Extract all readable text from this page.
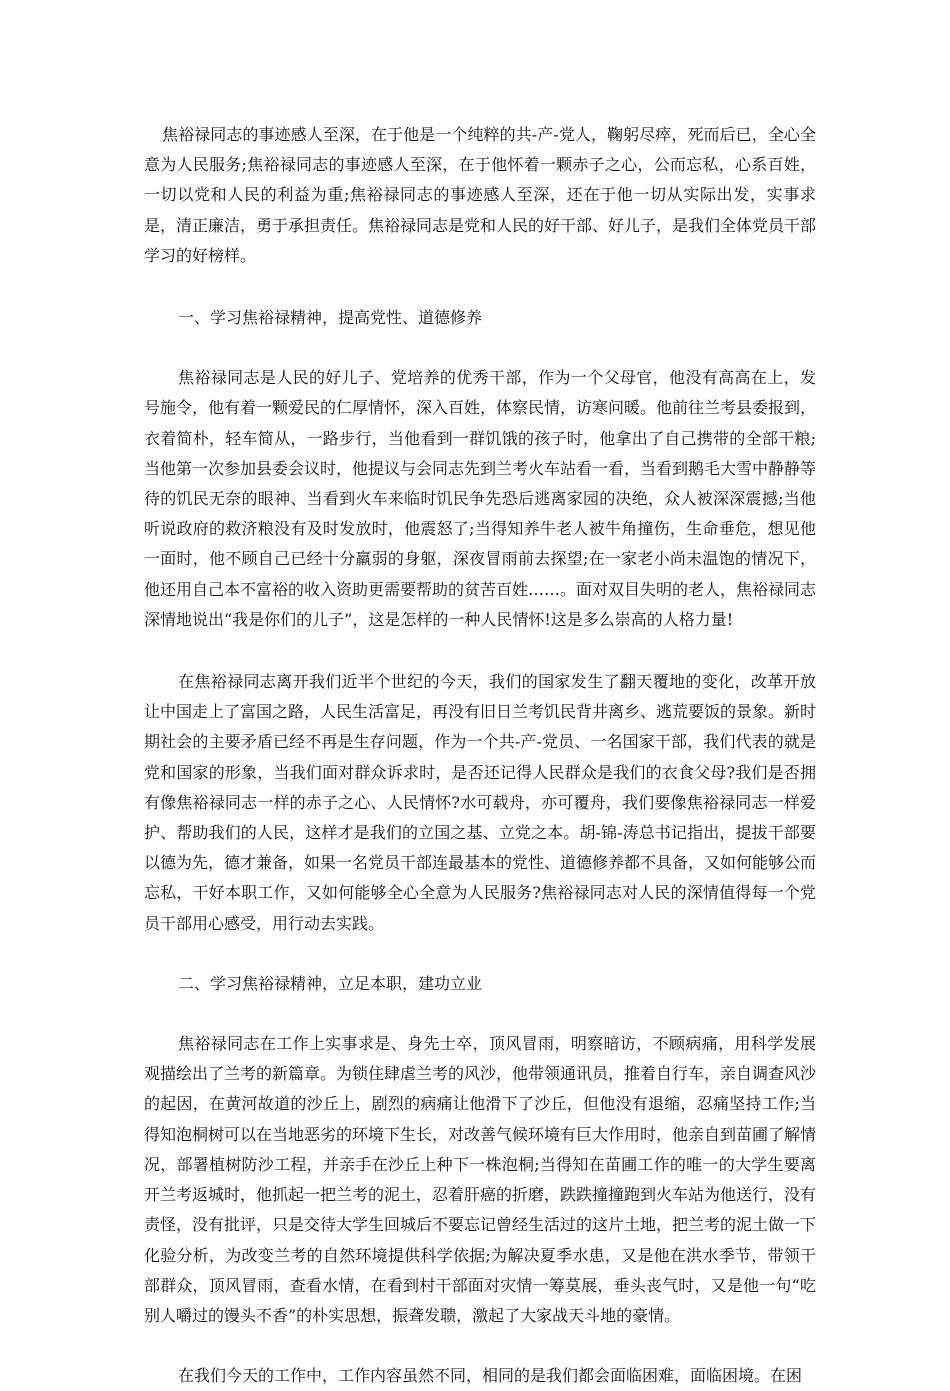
焦裕禄同志的事迹感人至深，在于他是一个纯粹的共-产-党人，鞠躬尽瘁，死而后已，全心全意为人民服务;焦裕禄同志的事迹感人至深，在于他怀着一颗赤子之心，公而忘私，心系百姓，一切以党和人民的利益为重;焦裕禄同志的事迹感人至深，还在于他一切从实际出发，实事求是，清正廉洁，勇于承担责任。焦裕禄同志是党和人民的好干部、好儿子，是我们全体党员干部学习的好榜样。

一、学习焦裕禄精神，提高党性、道德修养

焦裕禄同志是人民的好儿子、党培养的优秀干部，作为一个父母官，他没有高高在上，发号施令，他有着一颗爱民的仁厚情怀，深入百姓，体察民情，访寒问暖。他前往兰考县委报到，衣着简朴，轻车简从，一路步行，当他看到一群饥饿的孩子时，他拿出了自己携带的全部干粮;当他第一次参加县委会议时，他提议与会同志先到兰考火车站看一看，当看到鹅毛大雪中静静等待的饥民无奈的眼神、当看到火车来临时饥民争先恐后逃离家园的决绝，众人被深深震撼;当他听说政府的救济粮没有及时发放时，他震怒了;当得知养牛老人被牛角撞伤，生命垂危，想见他一面时，他不顾自己已经十分羸弱的身躯，深夜冒雨前去探望;在一家老小尚未温饱的情况下，他还用自己本不富裕的收入资助更需要帮助的贫苦百姓……。面对双目失明的老人，焦裕禄同志深情地说出“我是你们的儿子”，这是怎样的一种人民情怀!这是多么崇高的人格力量!

在焦裕禄同志离开我们近半个世纪的今天，我们的国家发生了翻天覆地的变化，改革开放让中国走上了富国之路，人民生活富足，再没有旧日兰考饥民背井离乡、逃荒要饭的景象。新时期社会的主要矛盾已经不再是生存问题，作为一个共-产-党员、一名国家干部，我们代表的就是党和国家的形象，当我们面对群众诉求时，是否还记得人民群众是我们的衣食父母?我们是否拥有像焦裕禄同志一样的赤子之心、人民情怀?水可载舟，亦可覆舟，我们要像焦裕禄同志一样爱护、帮助我们的人民，这样才是我们的立国之基、立党之本。胡-锦-涛总书记指出，提拔干部要以德为先，德才兼备，如果一名党员干部连最基本的党性、道德修养都不具备，又如何能够公而忘私，干好本职工作，又如何能够全心全意为人民服务?焦裕禄同志对人民的深情值得每一个党员干部用心感受，用行动去实践。

二、学习焦裕禄精神，立足本职，建功立业

焦裕禄同志在工作上实事求是、身先士卒，顶风冒雨，明察暗访，不顾病痛，用科学发展观描绘出了兰考的新篇章。为锁住肆虐兰考的风沙，他带领通讯员，推着自行车，亲自调查风沙的起因，在黄河故道的沙丘上，剧烈的病痛让他滑下了沙丘，但他没有退缩，忍痛坚持工作;当得知泡桐树可以在当地恶劣的环境下生长，对改善气候环境有巨大作用时，他亲自到苗圃了解情况，部署植树防沙工程，并亲手在沙丘上种下一株泡桐;当得知在苗圃工作的唯一的大学生要离开兰考返城时，他抓起一把兰考的泥土，忍着肝癌的折磨，跌跌撞撞跑到火车站为他送行，没有责怪，没有批评，只是交待大学生回城后不要忘记曾经生活过的这片土地，把兰考的泥土做一下化验分析，为改变兰考的自然环境提供科学依据;为解决夏季水患，又是他在洪水季节，带领干部群众，顶风冒雨，查看水情，在看到村干部面对灾情一筹莫展，垂头丧气时，又是他一句“吃别人嚼过的馒头不香”的朴实思想，振聋发聩，激起了大家战天斗地的豪情。

在我们今天的工作中，工作内容虽然不同，相同的是我们都会面临困难，面临困境。在困
